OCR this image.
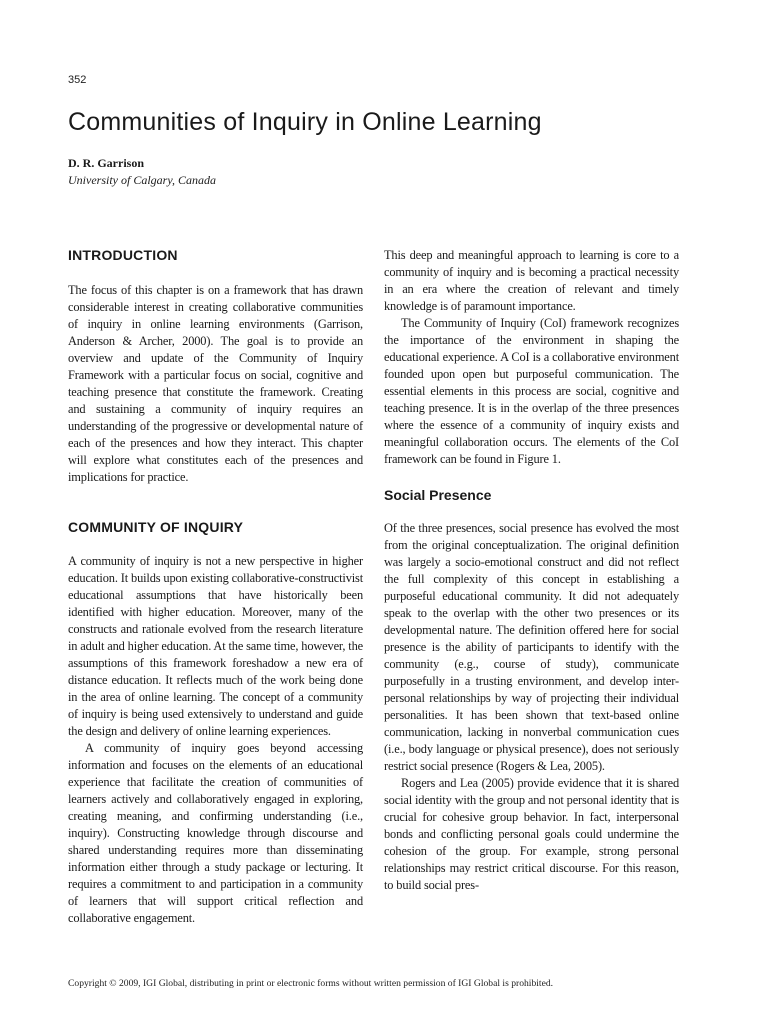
352
Communities of Inquiry in Online Learning
D. R. Garrison
University of Calgary, Canada
INTRODUCTION

The focus of this chapter is on a framework that has drawn considerable interest in creating collaborative communities of inquiry in online learning environments (Garrison, Anderson & Archer, 2000). The goal is to provide an overview and update of the Community of Inquiry Framework with a particular focus on social, cognitive and teaching presence that constitute the framework. Creating and sustaining a community of inquiry requires an understanding of the progressive or developmental nature of each of the presences and how they interact. This chapter will explore what constitutes each of the presences and implications for practice.

COMMUNITY OF INQUIRY

A community of inquiry is not a new perspective in higher education. It builds upon existing collaborative-constructivist educational assumptions that have historically been identified with higher education. Moreover, many of the constructs and rationale evolved from the research literature in adult and higher education. At the same time, however, the assumptions of this framework foreshadow a new era of distance education. It reflects much of the work being done in the area of online learning. The concept of a community of inquiry is being used extensively to understand and guide the design and delivery of online learning experiences.

A community of inquiry goes beyond accessing information and focuses on the elements of an educational experience that facilitate the creation of communities of learners actively and collaboratively engaged in exploring, creating meaning, and confirming understanding (i.e., inquiry). Constructing knowledge through discourse and shared understanding requires more than disseminating information either through a study package or lecturing. It requires a commitment to and participation in a community of learners that will support critical reflection and collaborative engagement.

This deep and meaningful approach to learning is core to a community of inquiry and is becoming a practical necessity in an era where the creation of relevant and timely knowledge is of paramount importance.

The Community of Inquiry (CoI) framework recognizes the importance of the environment in shaping the educational experience. A CoI is a collaborative environment founded upon open but purposeful communication. The essential elements in this process are social, cognitive and teaching presence. It is in the overlap of the three presences where the essence of a community of inquiry exists and meaningful collaboration occurs. The elements of the CoI framework can be found in Figure 1.

Social Presence

Of the three presences, social presence has evolved the most from the original conceptualization. The original definition was largely a socio-emotional construct and did not reflect the full complexity of this concept in establishing a purposeful educational community. It did not adequately speak to the overlap with the other two presences or its developmental nature. The definition offered here for social presence is the ability of participants to identify with the community (e.g., course of study), communicate purposefully in a trusting environment, and develop inter-personal relationships by way of projecting their individual personalities. It has been shown that text-based online communication, lacking in nonverbal communication cues (i.e., body language or physical presence), does not seriously restrict social presence (Rogers & Lea, 2005).

Rogers and Lea (2005) provide evidence that it is shared social identity with the group and not personal identity that is crucial for cohesive group behavior. In fact, interpersonal bonds and conflicting personal goals could undermine the cohesion of the group. For example, strong personal relationships may restrict critical discourse. For this reason, to build social pres-

Copyright © 2009, IGI Global, distributing in print or electronic forms without written permission of IGI Global is prohibited.
